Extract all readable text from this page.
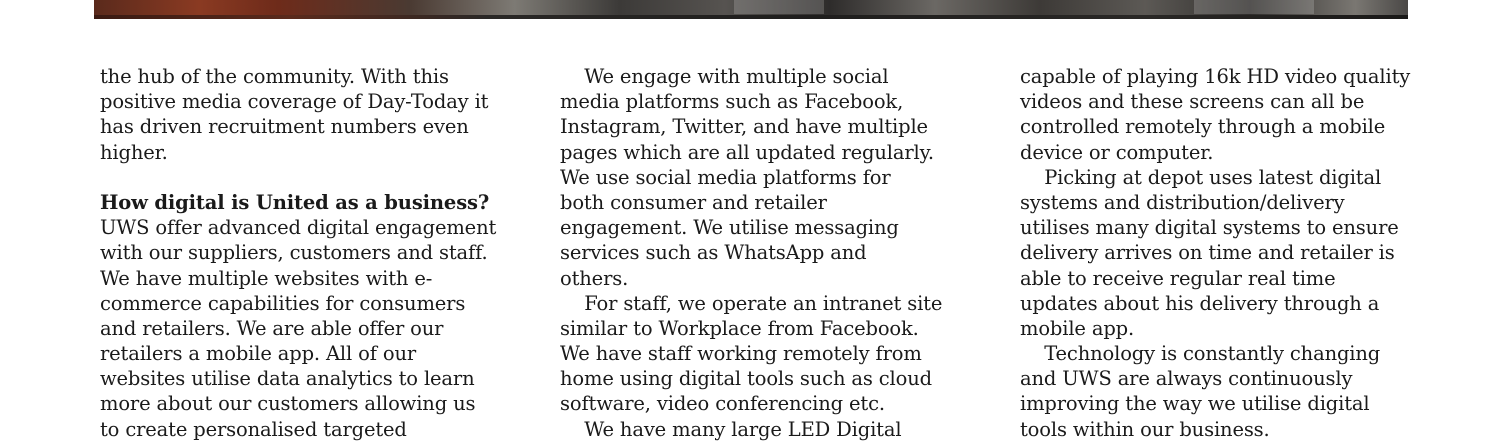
the hub of the community. With this
positive media coverage of Day-Today it
has driven recruitment numbers even
higher.
How digital is United as a business?
UWS offer advanced digital engagement
with our suppliers, customers and staff.
We have multiple websites with e-
commerce capabilities for consumers
and retailers. We are able offer our
retailers a mobile app. All of our
websites utilise data analytics to learn
more about our customers allowing us
to create personalised targeted
We engage with multiple social
media platforms such as Facebook,
Instagram, Twitter, and have multiple
pages which are all updated regularly.
We use social media platforms for
both consumer and retailer
engagement. We utilise messaging
services such as WhatsApp and
others.
For staff, we operate an intranet site
similar to Workplace from Facebook.
We have staff working remotely from
home using digital tools such as cloud
software, video conferencing etc.
We have many large LED Digital
capable of playing 16k HD video quality
videos and these screens can all be
controlled remotely through a mobile
device or computer.
Picking at depot uses latest digital
systems and distribution/delivery
utilises many digital systems to ensure
delivery arrives on time and retailer is
able to receive regular real time
updates about his delivery through a
mobile app.
Technology is constantly changing
and UWS are always continuously
improving the way we utilise digital
tools within our business.
